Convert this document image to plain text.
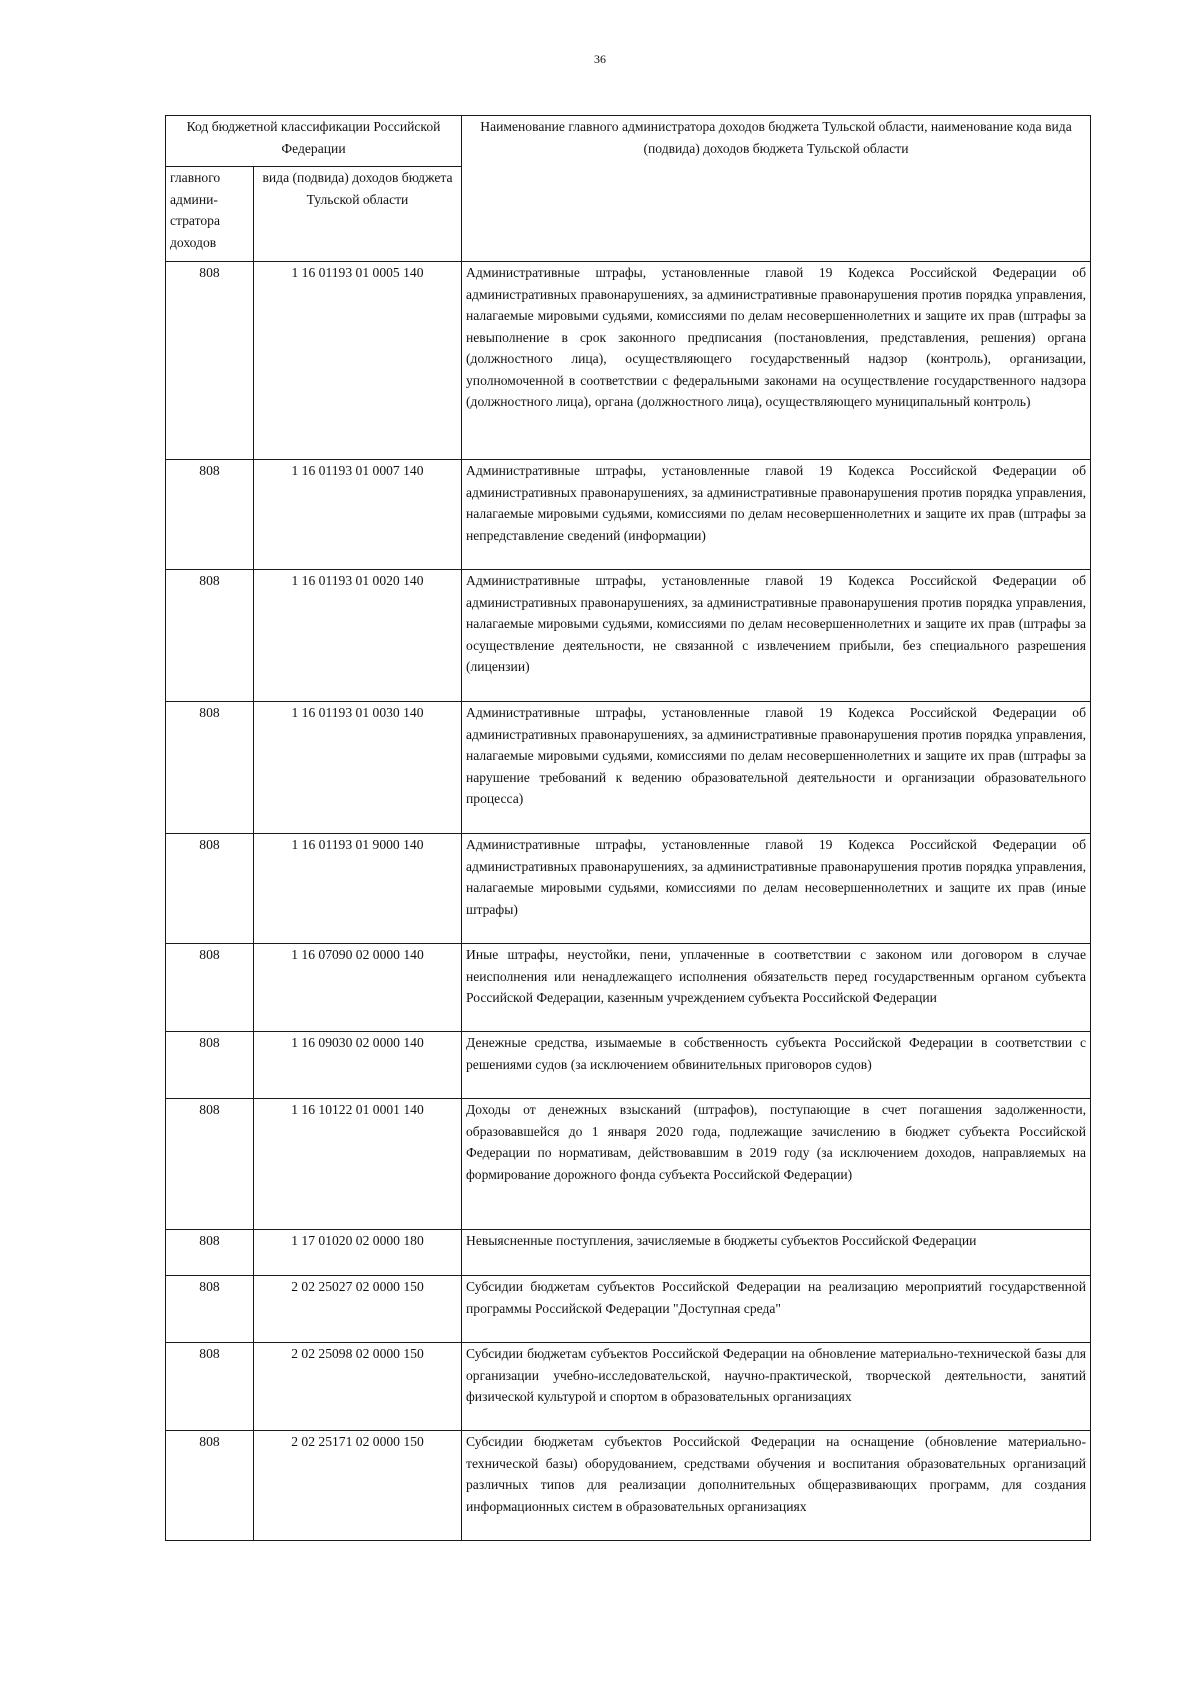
36
Код бюджетной классификации Российской Федерации		Наименование главного администратора доходов бюджета Тульской области, наименование кода вида (подвида) доходов бюджета Тульской области
главного админи-стратора доходов	вида (подвида) доходов бюджета Тульской области	
808	1 16 01193 01 0005 140	Административные штрафы, установленные главой 19 Кодекса Российской Федерации об административных правонарушениях, за административные правонарушения против порядка управления, налагаемые мировыми судьями, комиссиями по делам несовершеннолетних и защите их прав (штрафы за невыполнение в срок законного предписания (постановления, представления, решения) органа (должностного лица), осуществляющего государственный надзор (контроль), организации, уполномоченной в соответствии с федеральными законами на осуществление государственного надзора (должностного лица), органа (должностного лица), осуществляющего муниципальный контроль)
808	1 16 01193 01 0007 140	Административные штрафы, установленные главой 19 Кодекса Российской Федерации об административных правонарушениях, за административные правонарушения против порядка управления, налагаемые мировыми судьями, комиссиями по делам несовершеннолетних и защите их прав (штрафы за непредставление сведений (информации)
808	1 16 01193 01 0020 140	Административные штрафы, установленные главой 19 Кодекса Российской Федерации об административных правонарушениях, за административные правонарушения против порядка управления, налагаемые мировыми судьями, комиссиями по делам несовершеннолетних и защите их прав (штрафы за осуществление деятельности, не связанной с извлечением прибыли, без специального разрешения (лицензии)
808	1 16 01193 01 0030 140	Административные штрафы, установленные главой 19 Кодекса Российской Федерации об административных правонарушениях, за административные правонарушения против порядка управления, налагаемые мировыми судьями, комиссиями по делам несовершеннолетних и защите их прав (штрафы за нарушение требований к ведению образовательной деятельности и организации образовательного процесса)
808	1 16 01193 01 9000 140	Административные штрафы, установленные главой 19 Кодекса Российской Федерации об административных правонарушениях, за административные правонарушения против порядка управления, налагаемые мировыми судьями, комиссиями по делам несовершеннолетних и защите их прав (иные штрафы)
808	1 16 07090 02 0000 140	Иные штрафы, неустойки, пени, уплаченные в соответствии с законом или договором в случае неисполнения или ненадлежащего исполнения обязательств перед государственным органом субъекта Российской Федерации, казенным учреждением субъекта Российской Федерации
808	1 16 09030 02 0000 140	Денежные средства, изымаемые в собственность субъекта Российской Федерации в соответствии с решениями судов (за исключением обвинительных приговоров судов)
808	1 16 10122 01 0001 140	Доходы от денежных взысканий (штрафов), поступающие в счет погашения задолженности, образовавшейся до 1 января 2020 года, подлежащие зачислению в бюджет субъекта Российской Федерации по нормативам, действовавшим в 2019 году (за исключением доходов, направляемых на формирование дорожного фонда субъекта Российской Федерации)
808	1 17 01020 02 0000 180	Невыясненные поступления, зачисляемые в бюджеты субъектов Российской Федерации
808	2 02 25027 02 0000 150	Субсидии бюджетам субъектов Российской Федерации на реализацию мероприятий государственной программы Российской Федерации "Доступная среда"
808	2 02 25098 02 0000 150	Субсидии бюджетам субъектов Российской Федерации на обновление материально-технической базы для организации учебно-исследовательской, научно-практической, творческой деятельности, занятий физической культурой и спортом в образовательных организациях
808	2 02 25171 02 0000 150	Субсидии бюджетам субъектов Российской Федерации на оснащение (обновление материально-технической базы) оборудованием, средствами обучения и воспитания образовательных организаций различных типов для реализации дополнительных общеразвивающих программ, для создания информационных систем в образовательных организациях
